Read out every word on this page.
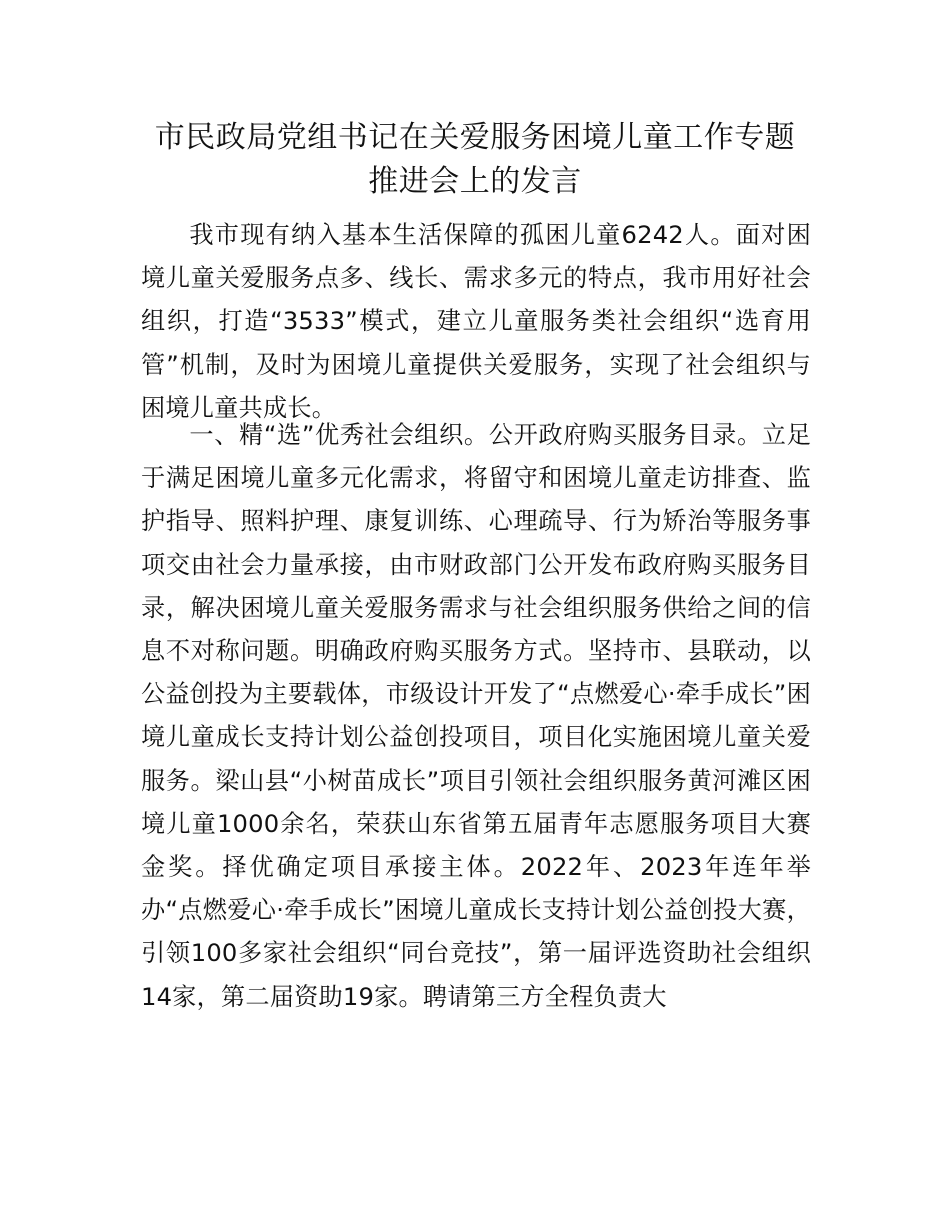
市民政局党组书记在关爱服务困境儿童工作专题推进会上的发言

我市现有纳入基本生活保障的孤困儿童6242人。面对困境儿童关爱服务点多、线长、需求多元的特点，我市用好社会组织，打造“3533”模式，建立儿童服务类社会组织“选育用管”机制，及时为困境儿童提供关爱服务，实现了社会组织与困境儿童共成长。

一、精“选”优秀社会组织。公开政府购买服务目录。立足于满足困境儿童多元化需求，将留守和困境儿童走访排查、监护指导、照料护理、康复训练、心理疏导、行为矫治等服务事项交由社会力量承接，由市财政部门公开发布政府购买服务目录，解决困境儿童关爱服务需求与社会组织服务供给之间的信息不对称问题。明确政府购买服务方式。坚持市、县联动，以公益创投为主要载体，市级设计开发了“点燃爱心·牵手成长”困境儿童成长支持计划公益创投项目，项目化实施困境儿童关爱服务。梁山县“小树苗成长”项目引领社会组织服务黄河滩区困境儿童1000余名，荣获山东省第五届青年志愿服务项目大赛金奖。择优确定项目承接主体。2022年、2023年连年举办“点燃爱心·牵手成长”困境儿童成长支持计划公益创投大赛，引领100多家社会组织“同台竞技”，第一届评选资助社会组织14家，第二届资助19家。聘请第三方全程负责大
